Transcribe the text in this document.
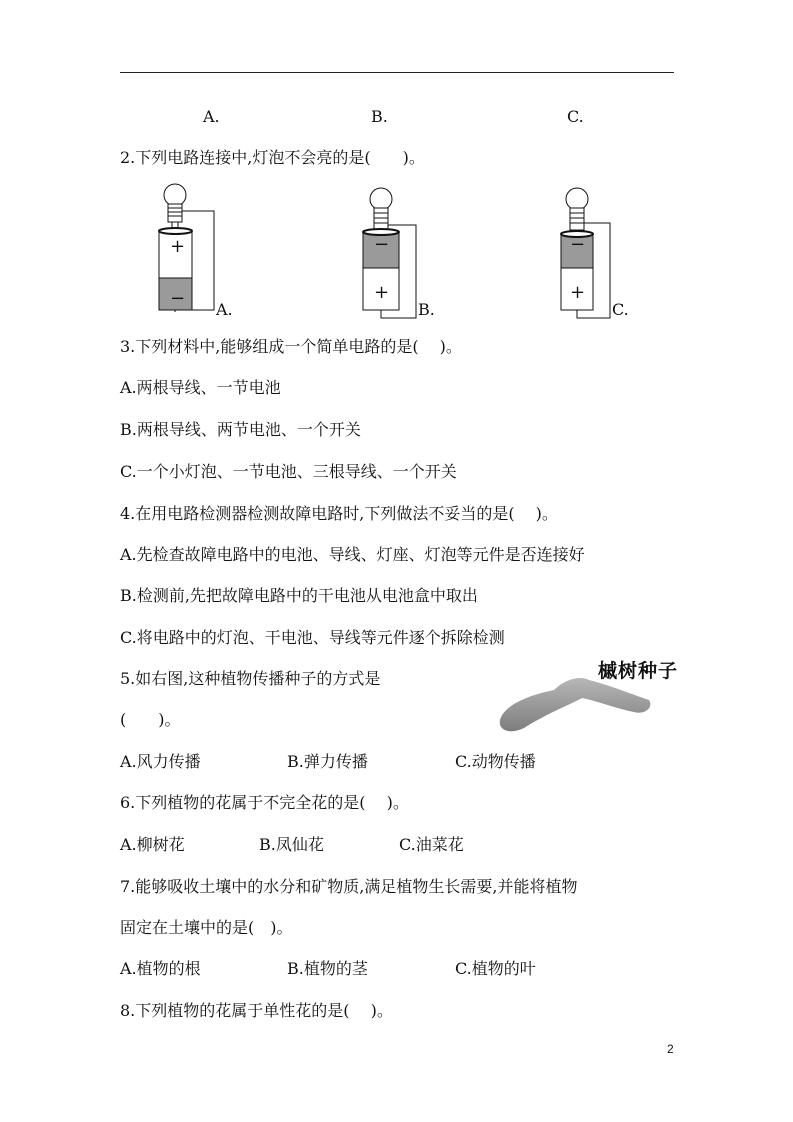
A.	B.	C.
2.下列电路连接中,灯泡不会亮的是(　　)。
+
−
A.
−
+
B.
−
+
C.
3.下列材料中,能够组成一个简单电路的是(　 )。
A.两根导线、一节电池
B.两根导线、两节电池、一个开关
C.一个小灯泡、一节电池、三根导线、一个开关
4.在用电路检测器检测故障电路时,下列做法不妥当的是(　 )。
A.先检查故障电路中的电池、导线、灯座、灯泡等元件是否连接好
B.检测前,先把故障电路中的干电池从电池盒中取出
C.将电路中的灯泡、干电池、导线等元件逐个拆除检测
5.如右图,这种植物传播种子的方式是
(　　)。
槭树种子
A.风力传播	B.弹力传播	C.动物传播
6.下列植物的花属于不完全花的是(　 )。
A.柳树花	B.凤仙花	C.油菜花
7.能够吸收土壤中的水分和矿物质,满足植物生长需要,并能将植物
固定在土壤中的是(　)。
A.植物的根	B.植物的茎	C.植物的叶
8.下列植物的花属于单性花的是(　 )。
2
